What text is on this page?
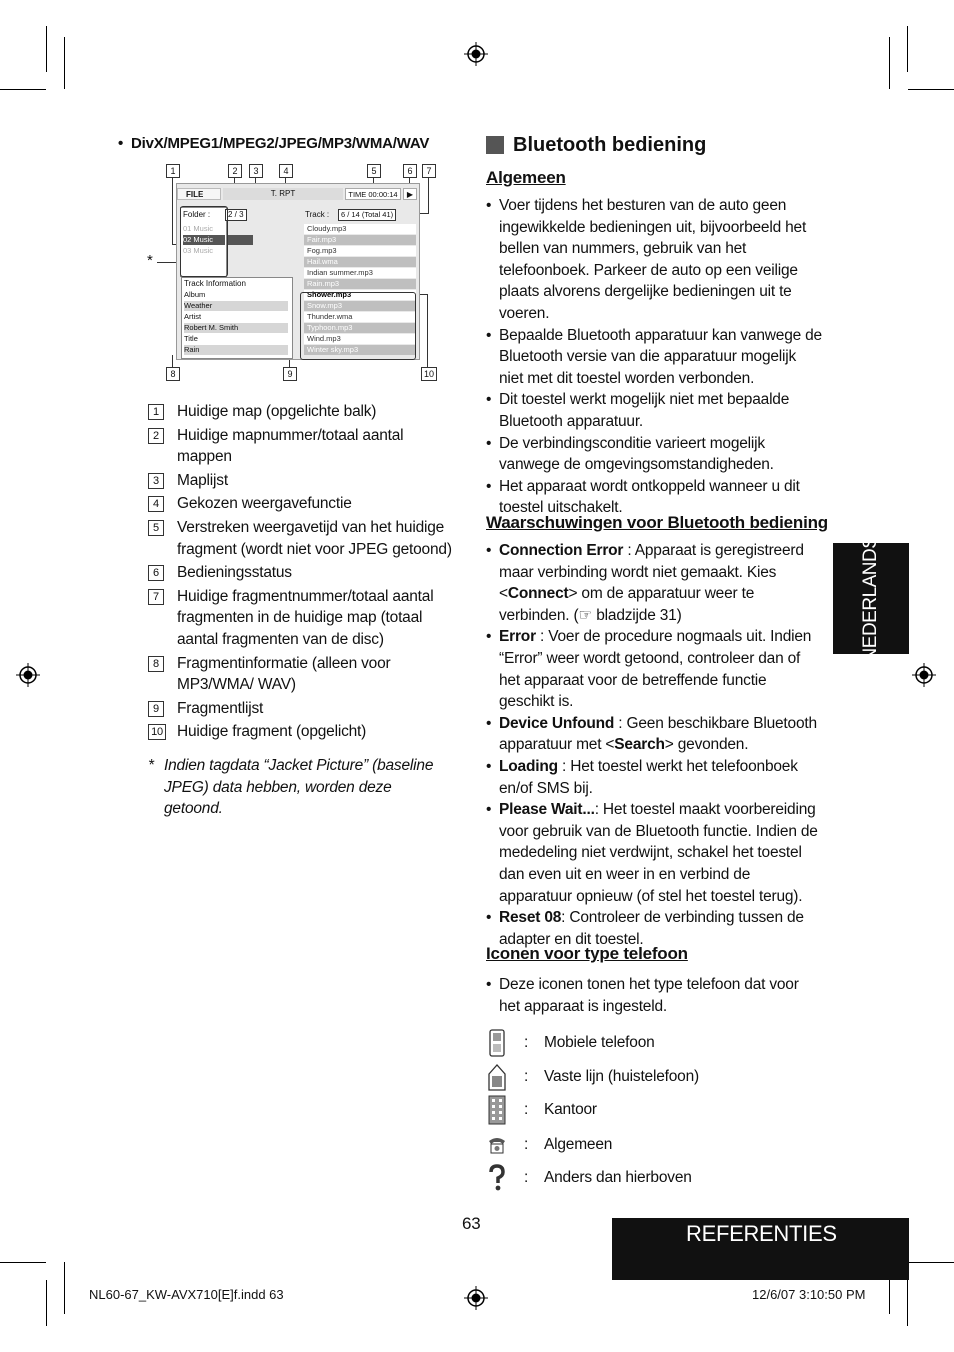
•  DivX/MPEG1/MPEG2/JPEG/MP3/WMA/WAV
1	2	3	4	5	6	7
8	9	10
*
FILE	T. RPT	TIME 00:00:14	▶
Folder :	2 / 3
01 Music
02 Music
03 Music
Track :	6 / 14 (Total 41)
Cloudy.mp3
Fair.mp3
Fog.mp3
Hail.wma
Indian summer.mp3
Rain.mp3
Shower.mp3
Snow.mp3
Thunder.wma
Typhoon.mp3
Wind.mp3
Winter sky.mp3
Track Information
Album
Weather
Artist
Robert M. Smith
Title
Rain
1	Huidige map (opgelichte balk)
2	Huidige mapnummer/totaal aantal mappen
3	Maplijst
4	Gekozen weergavefunctie
5	Verstreken weergavetijd van het huidige fragment (wordt niet voor JPEG getoond)
6	Bedieningsstatus
7	Huidige fragmentnummer/totaal aantal fragmenten in de huidige map (totaal aantal fragmenten van de disc)
8	Fragmentinformatie (alleen voor MP3/WMA/ WAV)
9	Fragmentlijst
10 Huidige fragment (opgelicht)
* Indien tagdata “Jacket Picture” (baseline JPEG) data hebben, worden deze getoond.
Bluetooth bediening
Algemeen
• Voer tijdens het besturen van de auto geen ingewikkelde bedieningen uit, bijvoorbeeld het bellen van nummers, gebruik van het telefoonboek. Parkeer de auto op een veilige plaats alvorens dergelijke bedieningen uit te voeren.
• Bepaalde Bluetooth apparatuur kan vanwege de Bluetooth versie van die apparatuur mogelijk niet met dit toestel worden verbonden.
• Dit toestel werkt mogelijk niet met bepaalde Bluetooth apparatuur.
• De verbindingsconditie varieert mogelijk vanwege de omgevingsomstandigheden.
• Het apparaat wordt ontkoppeld wanneer u dit toestel uitschakelt.
Waarschuwingen voor Bluetooth bediening
• Connection Error : Apparaat is geregistreerd maar verbinding wordt niet gemaakt. Kies <Connect> om de apparatuur weer te verbinden. (☞ bladzijde 31)
• Error : Voer de procedure nogmaals uit. Indien “Error” weer wordt getoond, controleer dan of het apparaat voor de betreffende functie geschikt is.
• Device Unfound : Geen beschikbare Bluetooth apparatuur met <Search> gevonden.
• Loading : Het toestel werkt het telefoonboek en/of SMS bij.
• Please Wait...: Het toestel maakt voorbereiding voor gebruik van de Bluetooth functie. Indien de mededeling niet verdwijnt, schakel het toestel dan even uit en weer in en verbind de apparatuur opnieuw (of stel het toestel terug).
• Reset 08: Controleer de verbinding tussen de adapter en dit toestel.
Iconen voor type telefoon
• Deze iconen tonen het type telefoon dat voor het apparaat is ingesteld.
:	Mobiele telefoon
:	Vaste lijn (huistelefoon)
:	Kantoor
:	Algemeen
:	Anders dan hierboven
NEDERLANDS
63	REFERENTIES
NL60-67_KW-AVX710[E]f.indd 63	12/6/07 3:10:50 PM
